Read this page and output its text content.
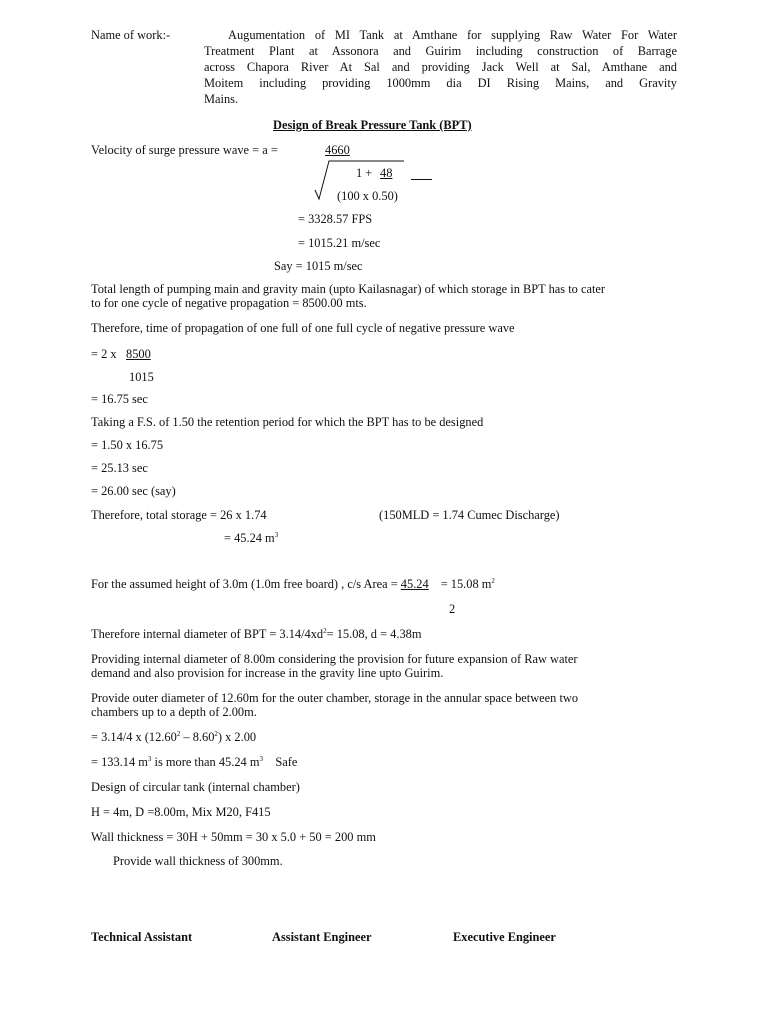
Name of work:-	Augumentation of MI Tank at Amthane for supplying Raw Water For Water
Treatment Plant at Assonora and Guirim including construction of Barrage
across Chapora River At Sal and providing Jack Well at Sal, Amthane and
Moitem including providing 1000mm dia DI Rising Mains, and Gravity
Mains.
Design of Break Pressure Tank (BPT)
Velocity of surge pressure wave = a =	4660
1 + 48
(100 x 0.50)
= 3328.57 FPS
= 1015.21 m/sec
Say = 1015 m/sec
Total length of pumping main and gravity main (upto Kailasnagar) of which storage in BPT has to cater
to for one cycle of negative propagation = 8500.00 mts.
Therefore, time of propagation of one full of one full cycle of negative pressure wave
= 2 x 8500
1015
= 16.75 sec
Taking a F.S. of 1.50 the retention period for which the BPT has to be designed
= 1.50 x 16.75
= 25.13 sec
= 26.00 sec (say)
Therefore, total storage = 26 x 1.74	(150MLD = 1.74 Cumec Discharge)
= 45.24 $m^3$
For the assumed height of 3.0m (1.0m free board) , c/s Area = 45.24 = 15.08 $m^2$
2
Therefore internal diameter of BPT = $3.14/4xd^2= 15.08$, d = 4.38m
Providing internal diameter of 8.00m considering the provision for future expansion of Raw water
demand and also provision for increase in the gravity line upto Guirim.
Provide outer diameter of 12.60m for the outer chamber, storage in the annular space between two
chambers up to a depth of 2.00m.
= 3.14/4 x (12.60$^2$ – 8.60$^2$) x 2.00
= 133.14 $m^3$ is more than 45.24 $m^3$    Safe
Design of circular tank (internal chamber)
H = 4m, D =8.00m, Mix M20, F415
Wall thickness = 30H + 50mm = 30 x 5.0 + 50 = 200 mm
Provide wall thickness of 300mm.
Technical Assistant	Assistant Engineer	Executive Engineer
